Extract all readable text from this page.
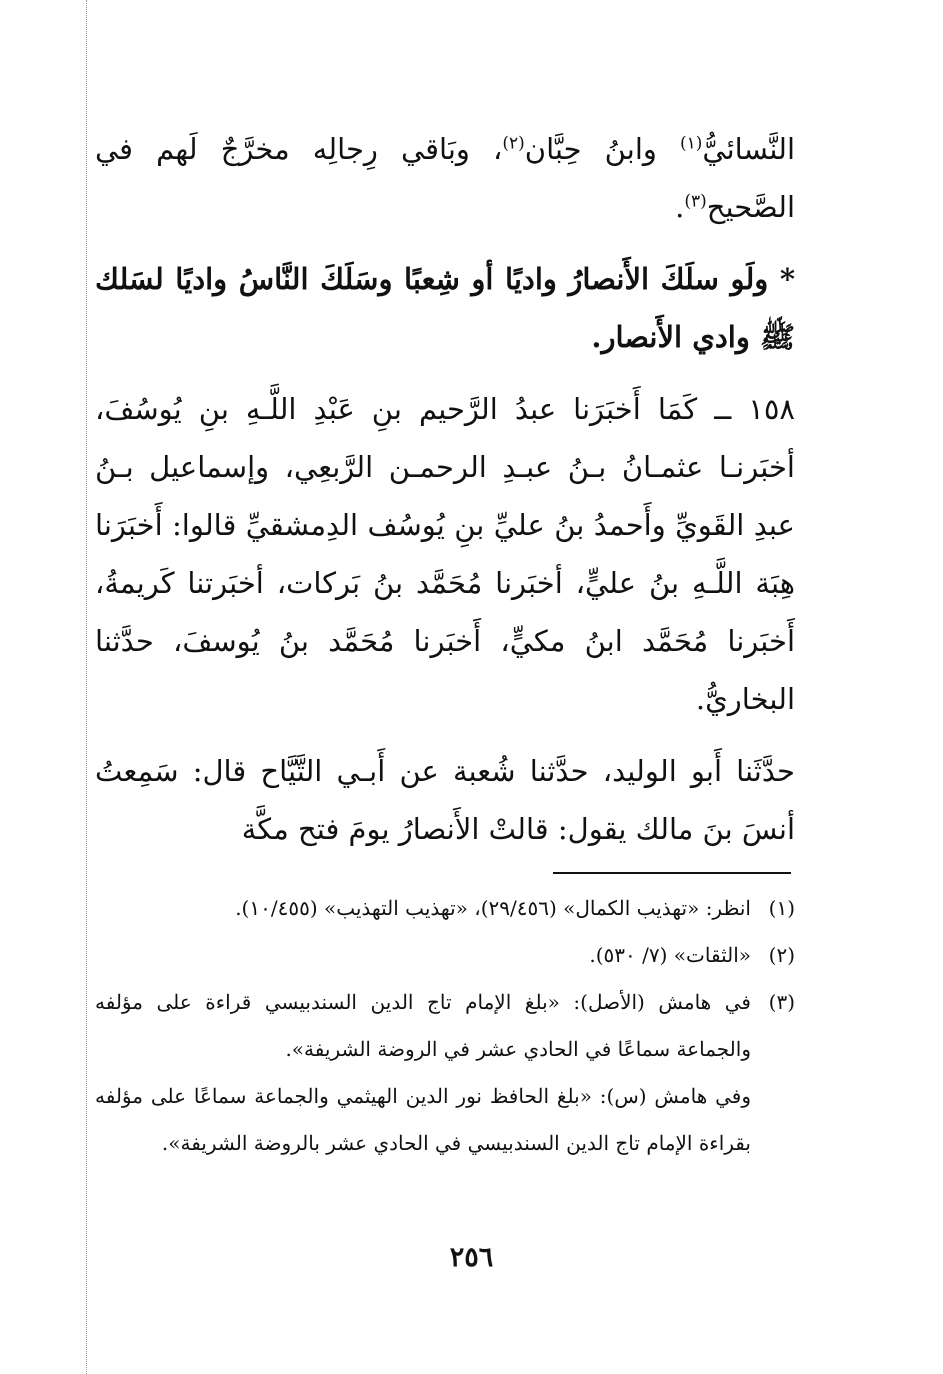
النَّسائيُّ$^{(١)}$ وابنُ حِبَّان$^{(٢)}$، وبَاقي رِجالِه مخرَّجٌ لَهم في الصَّحيح$^{(٣)}$.

* ولَو سلَكَ الأَنصارُ واديًا أو شِعبًا وسَلَكَ النَّاسُ واديًا لسَلك ﷺ وادي الأَنصار.

١٥٨ ــ كَمَا أَخبَرَنا عبدُ الرَّحيم بنِ عَبْدِ اللَّـهِ بنِ يُوسُفَ، أخبَرنـا عثمـانُ بـنُ عبـدِ الرحمـن الرَّبعِي، وإسماعيل بـنُ عبدِ القَويِّ وأَحمدُ بنُ عليِّ بنِ يُوسُف الدِمشقيِّ قالوا: أَخبَرَنا هِبَة اللَّـهِ بنُ عليٍّ، أخبَرنا مُحَمَّد بنُ بَركات، أخبَرتنا كَريمةُ، أَخبَرنا مُحَمَّد ابنُ مكيٍّ، أَخبَرنا مُحَمَّد بنُ يُوسفَ، حدَّثنا البخاريُّ.

حدَّثَنا أَبو الوليد، حدَّثنا شُعبة عن أَبـي التَّيَّاح قال: سَمِعتُ أنسَ بنَ مالك يقول: قالتْ الأَنصارُ يومَ فتح مكَّة

(١)

انظر: «تهذيب الكمال» (٢٩/٤٥٦)، «تهذيب التهذيب» (١٠/٤٥٥).

(٢)

«الثقات» (٧/ ٥٣٠).

(٣)

في هامش (الأصل): «بلغ الإمام تاج الدين السندبيسي قراءة على مؤلفه والجماعة سماعًا في الحادي عشر في الروضة الشريفة».

وفي هامش (س): «بلغ الحافظ نور الدين الهيثمي والجماعة سماعًا على مؤلفه بقراءة الإمام تاج الدين السندبيسي في الحادي عشر بالروضة الشريفة».

٢٥٦
